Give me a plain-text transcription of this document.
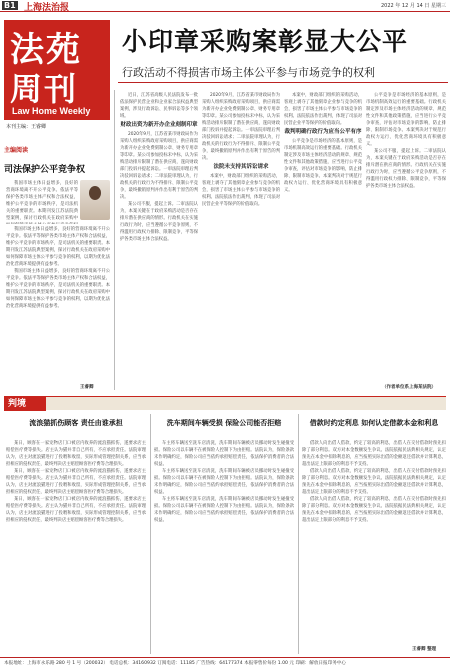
B1 上海法治报	2022 年 12 月 14 日 星期三
法苑
周刊
Law Home Weekly
本刊主编：王睿卿
小印章采购案彰显大公平
行政活动不得损害市场主体公平参与市场竞争的权利
主编阅读
司法保护公平竞争权

我国市场主体日益增多，良好的营商环境离不开公平竞争。依法平等保护各类市场主体产权和合法权益，维护公平竞争的市场秩序，是司法机关的重要职责。本期刊发江苏法院典型案例，探讨行政机关在政府采购中

我国市场主体日益增多，良好的营商环境离不开公平竞争。依法平等保护各类市场主体产权和合法权益，维护公平竞争的市场秩序，是司法机关的重要职责。本期刊发江苏法院典型案例，探讨行政机关在政府采购中如何保障市场主体公平参与竞争的权利，以期为优化法治化营商环境提供有益参考。

我国市场主体日益增多，良好的营商环境离不开公平竞争。依法平等保护各类市场主体产权和合法权益，维护公平竞争的市场秩序，是司法机关的重要职责。本期刊发江苏法院典型案例，探讨行政机关在政府采购中如何保障市场主体公平参与竞争的权利，以期为优化法治化营商环境提供有益参考。

王睿卿

近日，江苏省高级人民法院发布一批依法保护民营企业和企业家合法权益典型案例，涉及行政诉讼、民事诉讼等多个领域。

财政出资为新开办企业刻制印章

2020年9月，江苏省某市财政局作为采购人组织采购政府采购项目，供应商需为新开办企业免费刻制公章、财务专用章等印章。某公司参加投标未中标，认为采购活动排斥限制了潜在供应商，遂向财政部门投诉并提起诉讼。一审法院审理后判决驳回诉讼请求；二审法院审理认为，行政机关的行政行为不得排斥、限制公平竞争，最终撤销原判并作出有利于原告的判决。

某公司不服，提起上诉。二审法院认为，本案关键在于政府采购活动是否存在排斥潜在供应商的情形。行政机关在实施行政行为时，应当遵循公平竞争原则，不得滥用行政权力排除、限制竞争，平等保护各类市场主体合法权益。

2020年9月，江苏省某市财政局作为采购人组织采购政府采购项目，供应商需为新开办企业免费刻制公章、财务专用章等印章。某公司参加投标未中标，认为采购活动排斥限制了潜在供应商，遂向财政部门投诉并提起诉讼。一审法院审理后判决驳回诉讼请求；二审法院审理认为，行政机关的行政行为不得排斥、限制公平竞争，最终撤销原判并作出有利于原告的判决。

法院未支持其诉讼请求

本案中，财政部门组织的采购活动，客观上剥夺了其他刻章企业参与竞争的机会，损害了市场主体公平参与市场竞争的权利。法院依法作出裁判，体现了司法对民营企业平等保护的价值取向。

本案中，财政部门组织的采购活动，客观上剥夺了其他刻章企业参与竞争的机会，损害了市场主体公平参与市场竞争的权利。法院依法作出裁判，体现了司法对民营企业平等保护的价值取向。

裁判明确行政行为应当公平有序

公平竞争是市场经济的基本原则，是市场机制高效运行的重要基础。行政机关制定涉及市场主体经济活动的规章、规范性文件和其他政策措施，应当进行公平竞争审查，评估对市场竞争的影响，防止排除、限制市场竞争。本案判决对于规范行政权力运行、优化营商环境具有积极意义。

公平竞争是市场经济的基本原则，是市场机制高效运行的重要基础。行政机关制定涉及市场主体经济活动的规章、规范性文件和其他政策措施，应当进行公平竞争审查，评估对市场竞争的影响，防止排除、限制市场竞争。本案判决对于规范行政权力运行、优化营商环境具有积极意义。

某公司不服，提起上诉。二审法院认为，本案关键在于政府采购活动是否存在排斥潜在供应商的情形。行政机关在实施行政行为时，应当遵循公平竞争原则，不得滥用行政权力排除、限制竞争，平等保护各类市场主体合法权益。

（作者单位系上海某法院）
判境
流浪猫抓伤顾客 责任由谁承担

某日，顾客在一家宠物店门口被店内收养的流浪猫抓伤，遂要求店主赔偿医疗费等损失。店主认为猫并非自己所有，不应承担责任。法院审理认为，店主对流浪猫进行了投喂和收留，实际形成管理控制关系，应当承担相应的侵权责任，最终判决店主赔偿顾客医疗费等合理损失。

某日，顾客在一家宠物店门口被店内收养的流浪猫抓伤，遂要求店主赔偿医疗费等损失。店主认为猫并非自己所有，不应承担责任。法院审理认为，店主对流浪猫进行了投喂和收留，实际形成管理控制关系，应当承担相应的侵权责任，最终判决店主赔偿顾客医疗费等合理损失。

某日，顾客在一家宠物店门口被店内收养的流浪猫抓伤，遂要求店主赔偿医疗费等损失。店主认为猫并非自己所有，不应承担责任。法院审理认为，店主对流浪猫进行了投喂和收留，实际形成管理控制关系，应当承担相应的侵权责任，最终判决店主赔偿顾客医疗费等合理损失。

洗车期间车辆受损 保险公司能否拒赔

车主将车辆送至洗车店清洗，洗车期间车辆被店员挪动时发生碰撞受损。保险公司以车辆不在被保险人控制下为由拒赔。法院认为，保险条款未作明确约定，保险公司应当依约承担赔偿责任，依法保护消费者的合法权益。

车主将车辆送至洗车店清洗，洗车期间车辆被店员挪动时发生碰撞受损。保险公司以车辆不在被保险人控制下为由拒赔。法院认为，保险条款未作明确约定，保险公司应当依约承担赔偿责任，依法保护消费者的合法权益。

车主将车辆送至洗车店清洗，洗车期间车辆被店员挪动时发生碰撞受损。保险公司以车辆不在被保险人控制下为由拒赔。法院认为，保险条款未作明确约定，保险公司应当依约承担赔偿责任，依法保护消费者的合法权益。

借款时约定利息 如何认定借款本金和利息

借款人向出借人借款，约定了较高的利息，出借人在交付借款时预先扣除了部分利息。双方对本金数额发生争议。法院依据民法典相关规定，认定预先在本金中扣除利息的，应当按照实际出借的金额返还借款并计算利息，超出法定上限部分的利息不予支持。

借款人向出借人借款，约定了较高的利息，出借人在交付借款时预先扣除了部分利息。双方对本金数额发生争议。法院依据民法典相关规定，认定预先在本金中扣除利息的，应当按照实际出借的金额返还借款并计算利息，超出法定上限部分的利息不予支持。

借款人向出借人借款，约定了较高的利息，出借人在交付借款时预先扣除了部分利息。双方对本金数额发生争议。法院依据民法典相关规定，认定预先在本金中扣除利息的，应当按照实际出借的金额返还借款并计算利息，超出法定上限部分的利息不予支持。

王睿卿 整理
本报地址：上海市永乐路 280 号 1 号（200032） 电话总机：34160932 订阅电话：11185 广告热线：64177374 本报零售价每份 1.00 元 印刷：解放日报印务中心
